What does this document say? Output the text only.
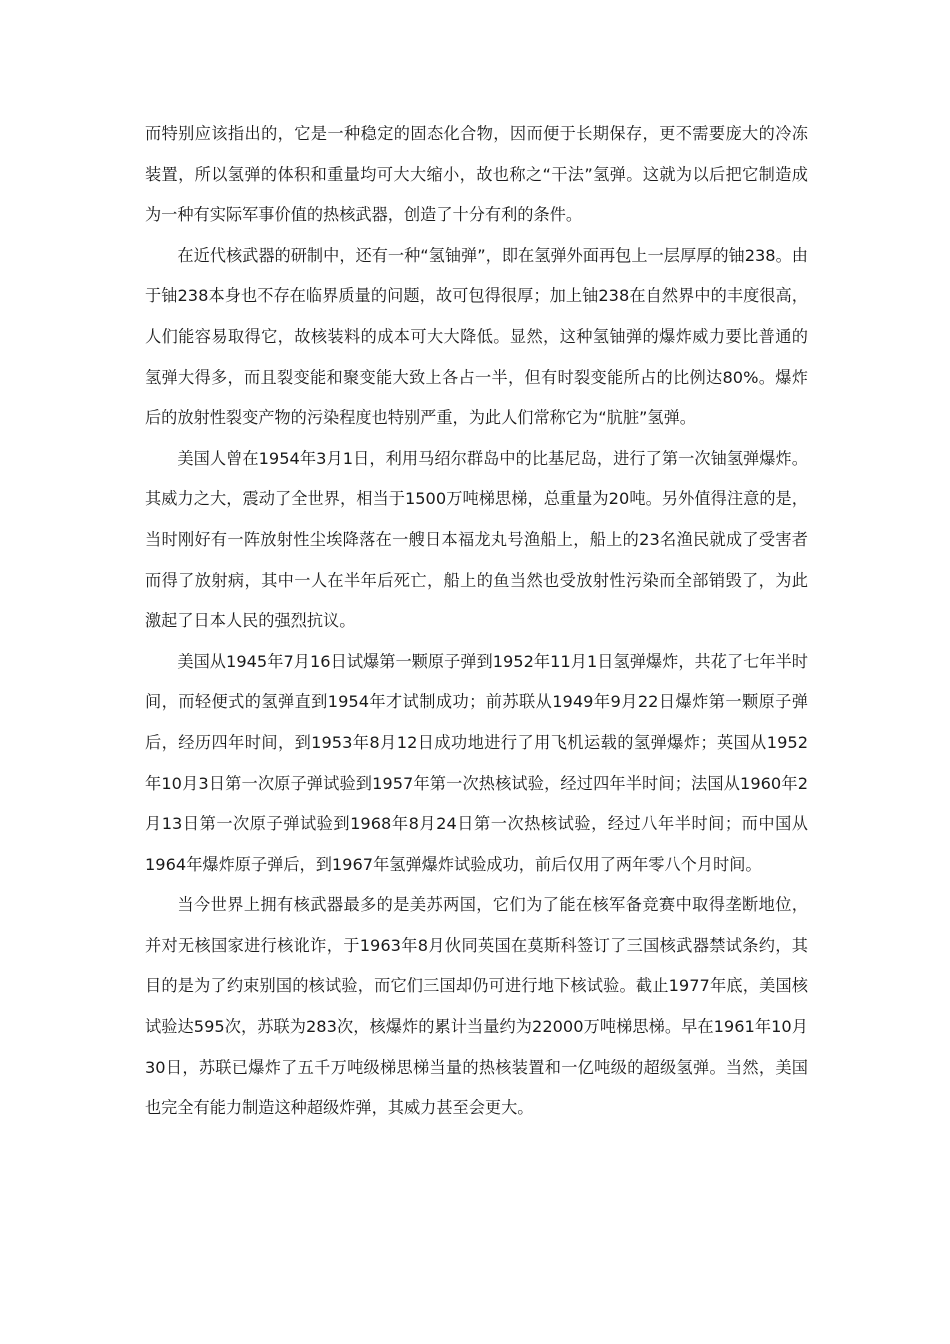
而特别应该指出的，它是一种稳定的固态化合物，因而便于长期保存，更不需要庞大的冷冻装置，所以氢弹的体积和重量均可大大缩小，故也称之“干法”氢弹。这就为以后把它制造成为一种有实际军事价值的热核武器，创造了十分有利的条件。

在近代核武器的研制中，还有一种“氢铀弹”，即在氢弹外面再包上一层厚厚的铀238。由于铀238本身也不存在临界质量的问题，故可包得很厚；加上铀238在自然界中的丰度很高，人们能容易取得它，故核装料的成本可大大降低。显然，这种氢铀弹的爆炸威力要比普通的氢弹大得多，而且裂变能和聚变能大致上各占一半，但有时裂变能所占的比例达80%。爆炸后的放射性裂变产物的污染程度也特别严重，为此人们常称它为“肮脏”氢弹。

美国人曾在1954年3月1日，利用马绍尔群岛中的比基尼岛，进行了第一次铀氢弹爆炸。其威力之大，震动了全世界，相当于1500万吨梯思梯，总重量为20吨。另外值得注意的是，当时刚好有一阵放射性尘埃降落在一艘日本福龙丸号渔船上，船上的23名渔民就成了受害者而得了放射病，其中一人在半年后死亡，船上的鱼当然也受放射性污染而全部销毁了，为此激起了日本人民的强烈抗议。

美国从1945年7月16日试爆第一颗原子弹到1952年11月1日氢弹爆炸，共花了七年半时间，而轻便式的氢弹直到1954年才试制成功；前苏联从1949年9月22日爆炸第一颗原子弹后，经历四年时间，到1953年8月12日成功地进行了用飞机运载的氢弹爆炸；英国从1952年10月3日第一次原子弹试验到1957年第一次热核试验，经过四年半时间；法国从1960年2月13日第一次原子弹试验到1968年8月24日第一次热核试验，经过八年半时间；而中国从1964年爆炸原子弹后，到1967年氢弹爆炸试验成功，前后仅用了两年零八个月时间。

当今世界上拥有核武器最多的是美苏两国，它们为了能在核军备竞赛中取得垄断地位，并对无核国家进行核讹诈，于1963年8月伙同英国在莫斯科签订了三国核武器禁试条约，其目的是为了约束别国的核试验，而它们三国却仍可进行地下核试验。截止1977年底，美国核试验达595次，苏联为283次，核爆炸的累计当量约为22000万吨梯思梯。早在1961年10月30日，苏联已爆炸了五千万吨级梯思梯当量的热核装置和一亿吨级的超级氢弹。当然，美国也完全有能力制造这种超级炸弹，其威力甚至会更大。
